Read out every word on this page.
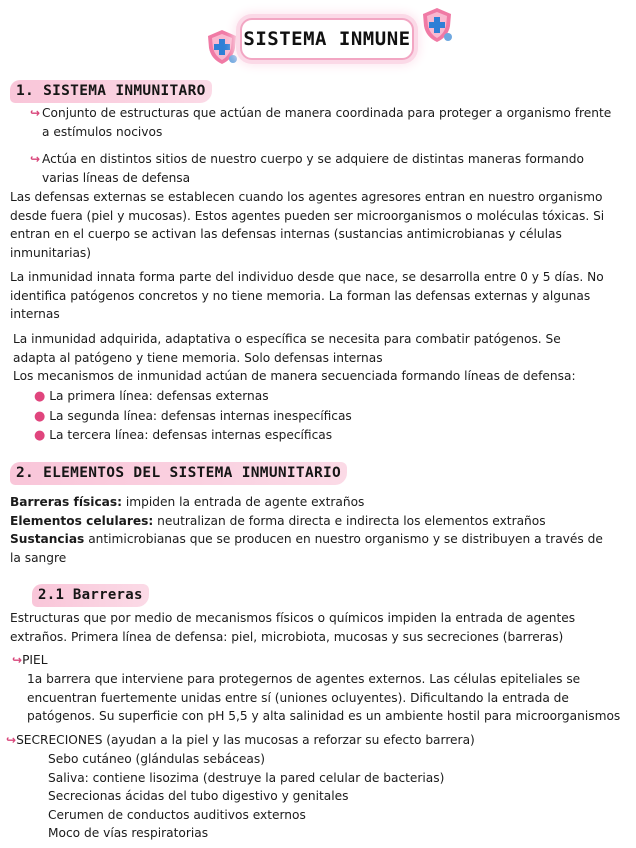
SISTEMA INMUNE
1. SISTEMA INMUNITARO
↪ Conjunto de estructuras que actúan de manera coordinada para proteger a organismo frente
a estímulos nocivos
↪ Actúa en distintos sitios de nuestro cuerpo y se adquiere de distintas maneras formando
varias líneas de defensa
Las defensas externas se establecen cuando los agentes agresores entran en nuestro organismo
desde fuera (piel y mucosas). Estos agentes pueden ser microorganismos o moléculas tóxicas. Si
entran en el cuerpo se activan las defensas internas (sustancias antimicrobianas y células
inmunitarias)
La inmunidad innata forma parte del individuo desde que nace, se desarrolla entre 0 y 5 días. No
identifica patógenos concretos y no tiene memoria. La forman las defensas externas y algunas
internas
La inmunidad adquirida, adaptativa o específica se necesita para combatir patógenos. Se
adapta al patógeno y tiene memoria. Solo defensas internas
Los mecanismos de inmunidad actúan de manera secuenciada formando líneas de defensa:
● La primera línea: defensas externas
● La segunda línea: defensas internas inespecíficas
● La tercera línea: defensas internas específicas
2. ELEMENTOS DEL SISTEMA INMUNITARIO
Barreras físicas: impiden la entrada de agente extraños
Elementos celulares: neutralizan de forma directa e indirecta los elementos extraños
Sustancias antimicrobianas que se producen en nuestro organismo y se distribuyen a través de
la sangre
2.1 Barreras
Estructuras que por medio de mecanismos físicos o químicos impiden la entrada de agentes
extraños. Primera línea de defensa: piel, microbiota, mucosas y sus secreciones (barreras)
↪PIEL
1a barrera que interviene para protegernos de agentes externos. Las células epiteliales se
encuentran fuertemente unidas entre sí (uniones ocluyentes). Dificultando la entrada de
patógenos. Su superficie con pH 5,5 y alta salinidad es un ambiente hostil para microorganismos
↪SECRECIONES (ayudan a la piel y las mucosas a reforzar su efecto barrera)
Sebo cutáneo (glándulas sebáceas)
Saliva: contiene lisozima (destruye la pared celular de bacterias)
Secrecionas ácidas del tubo digestivo y genitales
Cerumen de conductos auditivos externos
Moco de vías respiratorias
